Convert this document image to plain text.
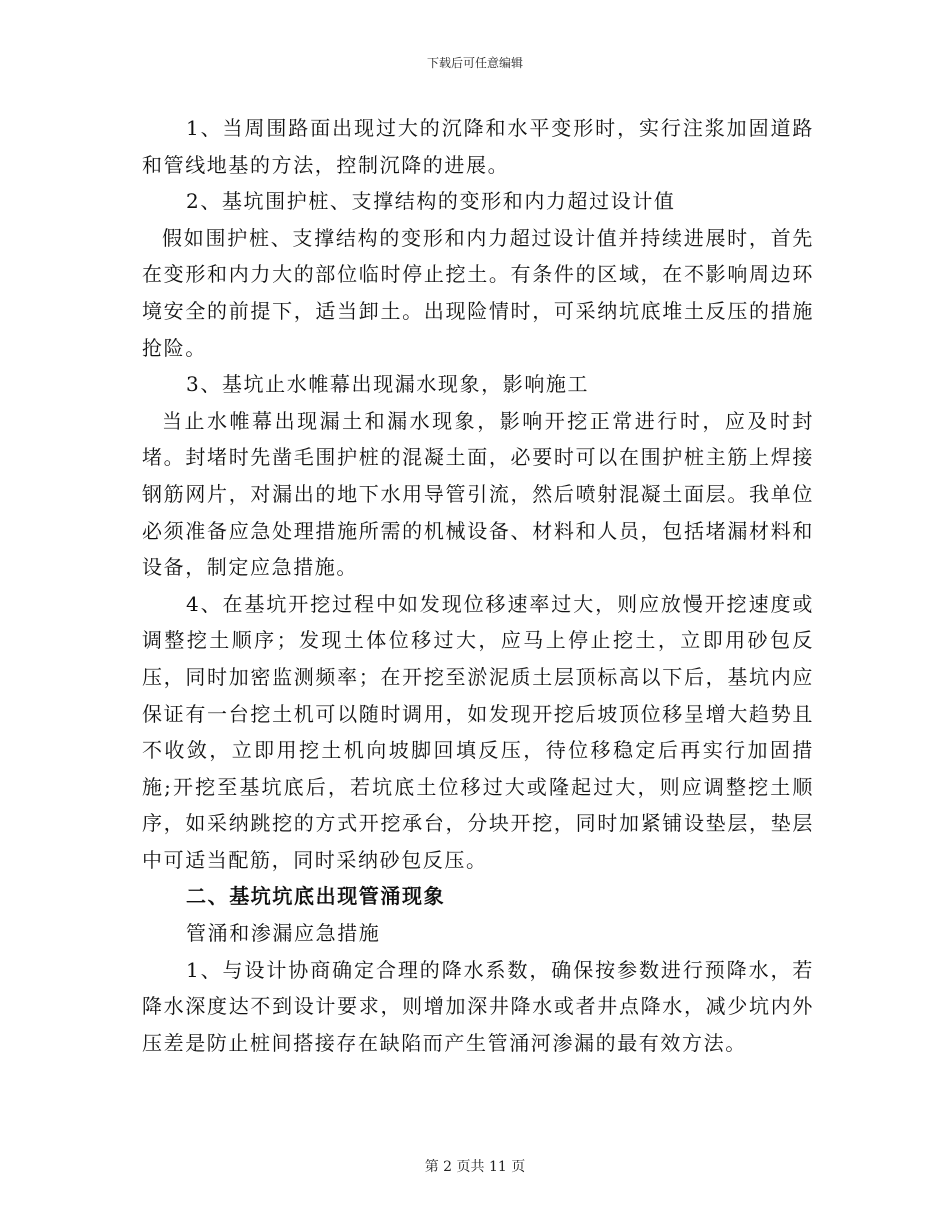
下载后可任意编辑

1、当周围路面出现过大的沉降和水平变形时，实行注浆加固道路和管线地基的方法，控制沉降的进展。

2、基坑围护桩、支撑结构的变形和内力超过设计值

假如围护桩、支撑结构的变形和内力超过设计值并持续进展时，首先在变形和内力大的部位临时停止挖土。有条件的区域，在不影响周边环境安全的前提下，适当卸土。出现险情时，可采纳坑底堆土反压的措施抢险。

3、基坑止水帷幕出现漏水现象，影响施工

当止水帷幕出现漏土和漏水现象，影响开挖正常进行时，应及时封堵。封堵时先凿毛围护桩的混凝土面，必要时可以在围护桩主筋上焊接钢筋网片，对漏出的地下水用导管引流，然后喷射混凝土面层。我单位必须准备应急处理措施所需的机械设备、材料和人员，包括堵漏材料和设备，制定应急措施。

4、在基坑开挖过程中如发现位移速率过大，则应放慢开挖速度或调整挖土顺序；发现土体位移过大，应马上停止挖土，立即用砂包反压，同时加密监测频率；在开挖至淤泥质土层顶标高以下后，基坑内应保证有一台挖土机可以随时调用，如发现开挖后坡顶位移呈增大趋势且不收敛，立即用挖土机向坡脚回填反压，待位移稳定后再实行加固措施;开挖至基坑底后，若坑底土位移过大或隆起过大，则应调整挖土顺序，如采纳跳挖的方式开挖承台，分块开挖，同时加紧铺设垫层，垫层中可适当配筋，同时采纳砂包反压。

二、基坑坑底出现管涌现象

管涌和渗漏应急措施

1、与设计协商确定合理的降水系数，确保按参数进行预降水，若降水深度达不到设计要求，则增加深井降水或者井点降水，减少坑内外压差是防止桩间搭接存在缺陷而产生管涌河渗漏的最有效方法。

第 2 页共 11 页
